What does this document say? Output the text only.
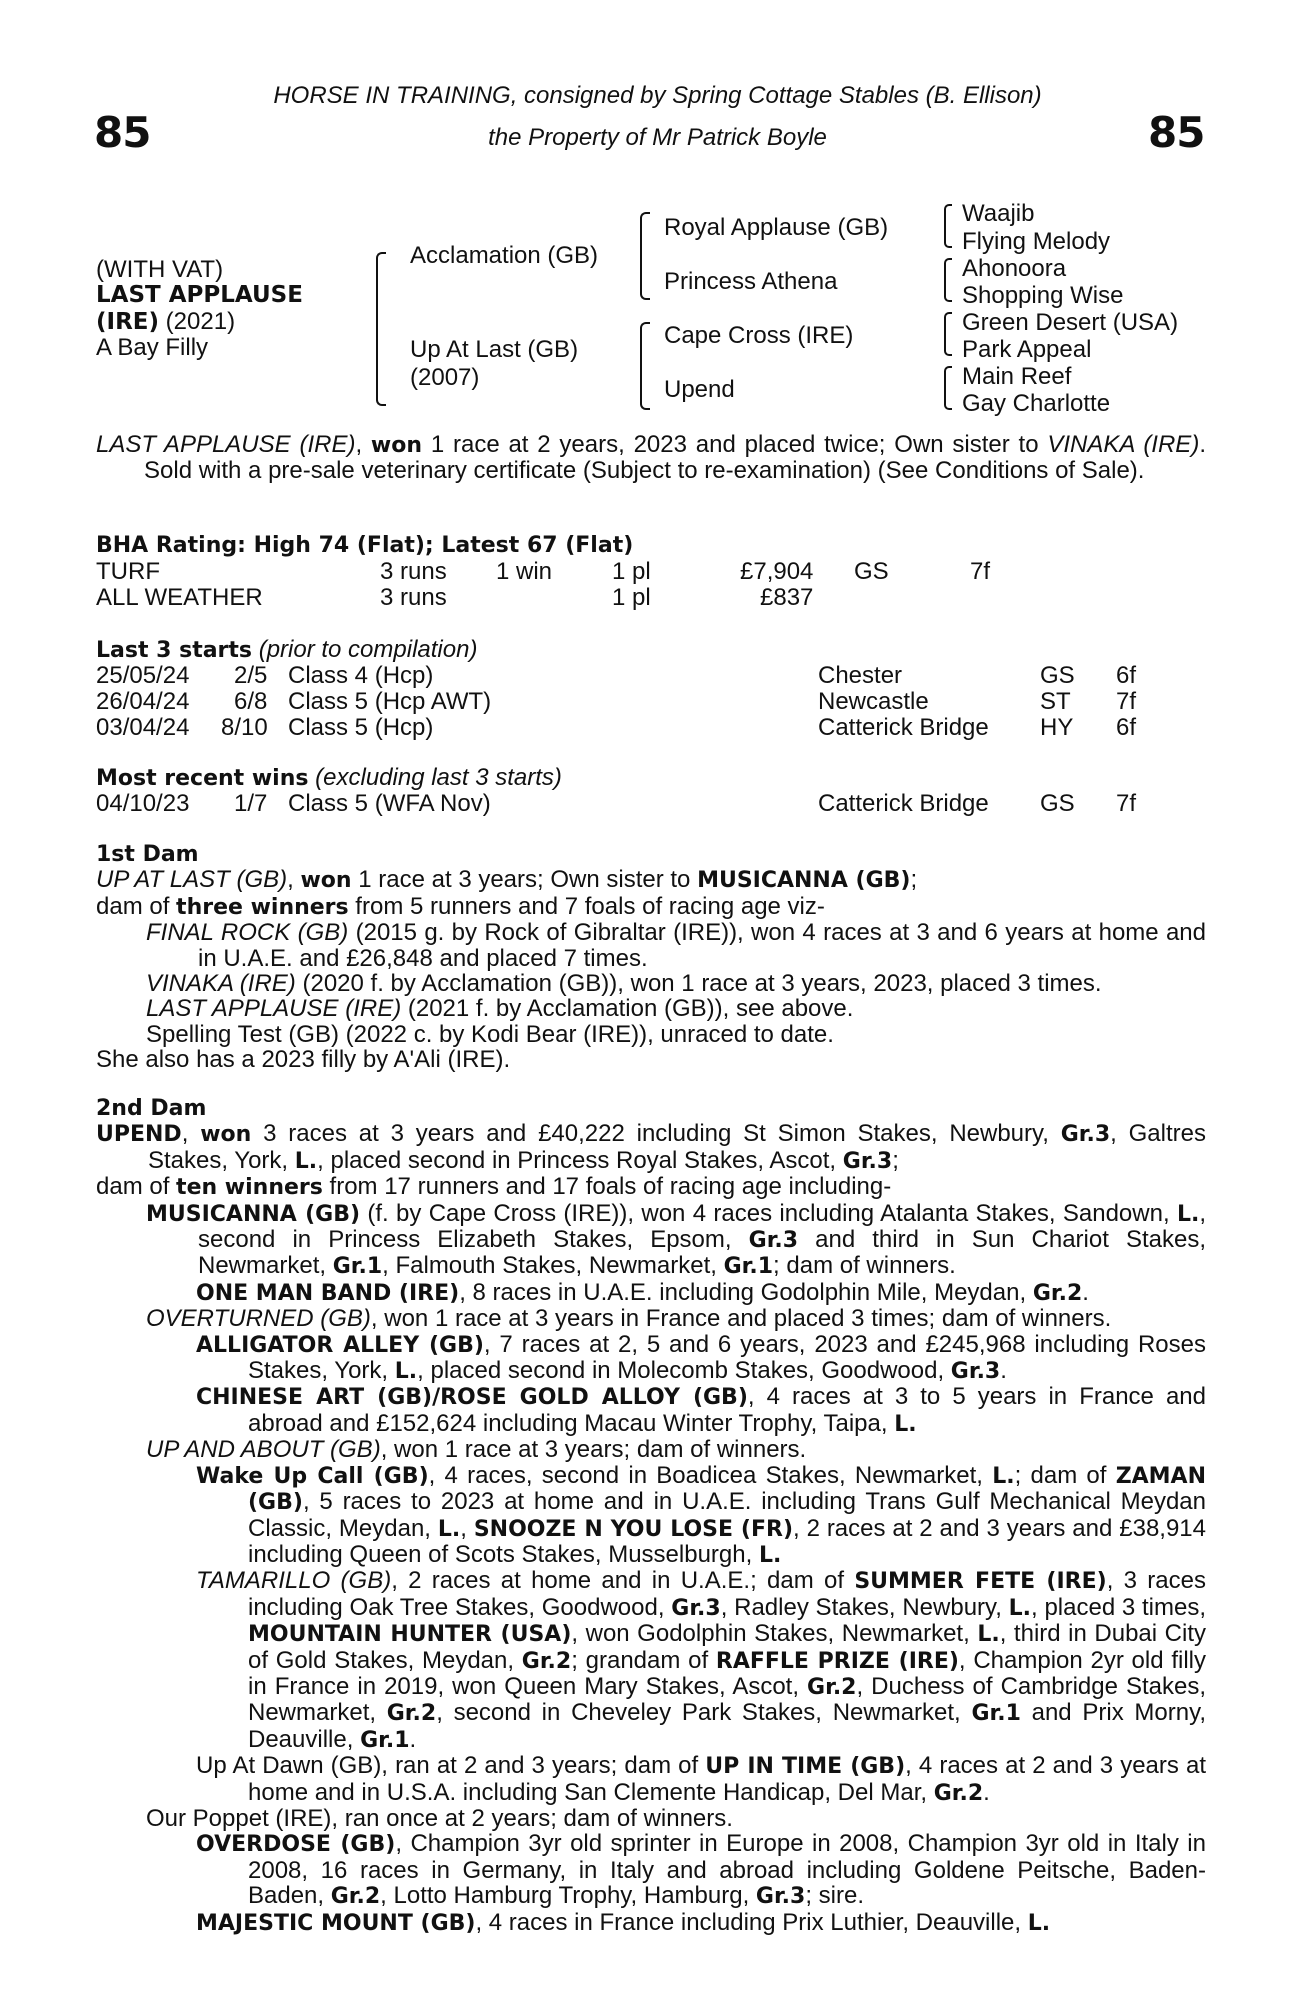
85	85
HORSE IN TRAINING, consigned by Spring Cottage Stables (B. Ellison)
the Property of Mr Patrick Boyle
(WITH VAT)
LAST APPLAUSE
(IRE) (2021)
A Bay Filly
Acclamation (GB)
Up At Last (GB)
(2007)
Royal Applause (GB)
Princess Athena
Cape Cross (IRE)
Upend
Waajib
Flying Melody
Ahonoora
Shopping Wise
Green Desert (USA)
Park Appeal
Main Reef
Gay Charlotte

LAST APPLAUSE (IRE), won 1 race at 2 years, 2023 and placed twice; Own sister to VINAKA (IRE). Sold with a pre-sale veterinary certificate (Subject to re-examination) (See Conditions of Sale).

BHA Rating: High 74 (Flat); Latest 67 (Flat)
TURF	3 runs 1 win 1 pl	£7,904 GS	7f
ALL WEATHER	3 runs	1 pl	£837
Last 3 starts (prior to compilation)
25/05/24 2/5 Class 4 (Hcp)	Chester	GS 6f
26/04/24 6/8 Class 5 (Hcp AWT)	Newcastle	ST 7f
03/04/24 8/10 Class 5 (Hcp)	Catterick Bridge HY 6f
Most recent wins (excluding last 3 starts)
04/10/23 1/7 Class 5 (WFA Nov)	Catterick Bridge GS 7f
1st Dam
UP AT LAST (GB), won 1 race at 3 years; Own sister to MUSICANNA (GB);
dam of three winners from 5 runners and 7 foals of racing age viz-
FINAL ROCK (GB) (2015 g. by Rock of Gibraltar (IRE)), won 4 races at 3 and 6 years at home and in U.A.E. and £26,848 and placed 7 times.
VINAKA (IRE) (2020 f. by Acclamation (GB)), won 1 race at 3 years, 2023, placed 3 times.
LAST APPLAUSE (IRE) (2021 f. by Acclamation (GB)), see above.
Spelling Test (GB) (2022 c. by Kodi Bear (IRE)), unraced to date.
She also has a 2023 filly by A'Ali (IRE).
2nd Dam
UPEND, won 3 races at 3 years and £40,222 including St Simon Stakes, Newbury, Gr.3, Galtres Stakes, York, L., placed second in Princess Royal Stakes, Ascot, Gr.3;
dam of ten winners from 17 runners and 17 foals of racing age including-
MUSICANNA (GB) (f. by Cape Cross (IRE)), won 4 races including Atalanta Stakes, Sandown, L., second in Princess Elizabeth Stakes, Epsom, Gr.3 and third in Sun Chariot Stakes, Newmarket, Gr.1, Falmouth Stakes, Newmarket, Gr.1; dam of winners.
ONE MAN BAND (IRE), 8 races in U.A.E. including Godolphin Mile, Meydan, Gr.2.
OVERTURNED (GB), won 1 race at 3 years in France and placed 3 times; dam of winners.
ALLIGATOR ALLEY (GB), 7 races at 2, 5 and 6 years, 2023 and £245,968 including Roses Stakes, York, L., placed second in Molecomb Stakes, Goodwood, Gr.3.
CHINESE ART (GB)/ROSE GOLD ALLOY (GB), 4 races at 3 to 5 years in France and abroad and £152,624 including Macau Winter Trophy, Taipa, L.
UP AND ABOUT (GB), won 1 race at 3 years; dam of winners.
Wake Up Call (GB), 4 races, second in Boadicea Stakes, Newmarket, L.; dam of ZAMAN (GB), 5 races to 2023 at home and in U.A.E. including Trans Gulf Mechanical Meydan Classic, Meydan, L., SNOOZE N YOU LOSE (FR), 2 races at 2 and 3 years and £38,914 including Queen of Scots Stakes, Musselburgh, L.
TAMARILLO (GB), 2 races at home and in U.A.E.; dam of SUMMER FETE (IRE), 3 races including Oak Tree Stakes, Goodwood, Gr.3, Radley Stakes, Newbury, L., placed 3 times, MOUNTAIN HUNTER (USA), won Godolphin Stakes, Newmarket, L., third in Dubai City of Gold Stakes, Meydan, Gr.2; grandam of RAFFLE PRIZE (IRE), Champion 2yr old filly in France in 2019, won Queen Mary Stakes, Ascot, Gr.2, Duchess of Cambridge Stakes, Newmarket, Gr.2, second in Cheveley Park Stakes, Newmarket, Gr.1 and Prix Morny, Deauville, Gr.1.
Up At Dawn (GB), ran at 2 and 3 years; dam of UP IN TIME (GB), 4 races at 2 and 3 years at home and in U.S.A. including San Clemente Handicap, Del Mar, Gr.2.
Our Poppet (IRE), ran once at 2 years; dam of winners.
OVERDOSE (GB), Champion 3yr old sprinter in Europe in 2008, Champion 3yr old in Italy in 2008, 16 races in Germany, in Italy and abroad including Goldene Peitsche, Baden-Baden, Gr.2, Lotto Hamburg Trophy, Hamburg, Gr.3; sire.
MAJESTIC MOUNT (GB), 4 races in France including Prix Luthier, Deauville, L.
